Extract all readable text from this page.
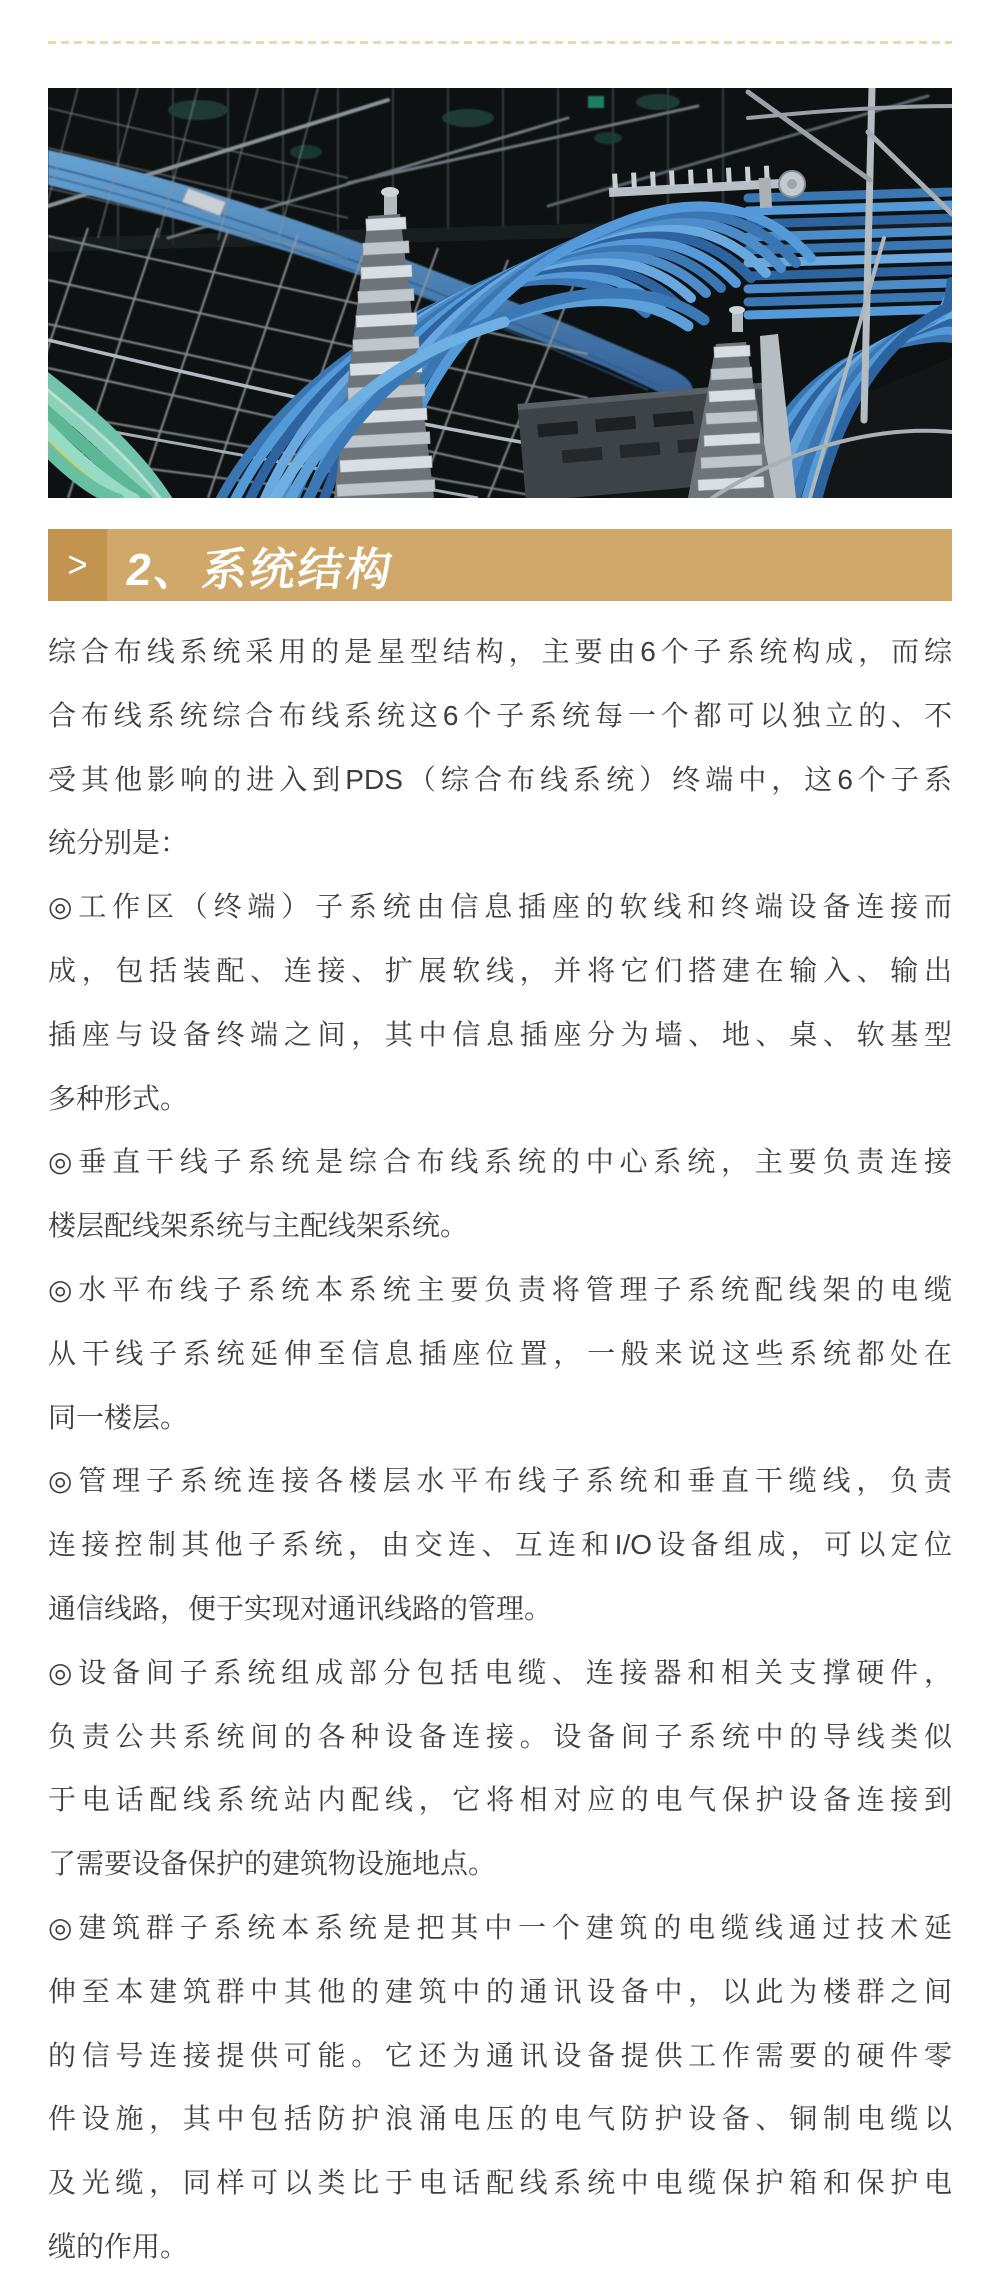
> 2、系统结构
综合布线系统采用的是星型结构，主要由6个子系统构成，而综
合布线系统综合布线系统这6个子系统每一个都可以独立的、不
受其他影响的进入到PDS（综合布线系统）终端中，这6个子系
统分别是：
◎工作区（终端）子系统由信息插座的软线和终端设备连接而
成，包括装配、连接、扩展软线，并将它们搭建在输入、输出
插座与设备终端之间，其中信息插座分为墙、地、桌、软基型
多种形式。
◎垂直干线子系统是综合布线系统的中心系统，主要负责连接
楼层配线架系统与主配线架系统。
◎水平布线子系统本系统主要负责将管理子系统配线架的电缆
从干线子系统延伸至信息插座位置，一般来说这些系统都处在
同一楼层。
◎管理子系统连接各楼层水平布线子系统和垂直干缆线，负责
连接控制其他子系统，由交连、互连和I/O设备组成，可以定位
通信线路，便于实现对通讯线路的管理。
◎设备间子系统组成部分包括电缆、连接器和相关支撑硬件，
负责公共系统间的各种设备连接。设备间子系统中的导线类似
于电话配线系统站内配线，它将相对应的电气保护设备连接到
了需要设备保护的建筑物设施地点。
◎建筑群子系统本系统是把其中一个建筑的电缆线通过技术延
伸至本建筑群中其他的建筑中的通讯设备中，以此为楼群之间
的信号连接提供可能。它还为通讯设备提供工作需要的硬件零
件设施，其中包括防护浪涌电压的电气防护设备、铜制电缆以
及光缆，同样可以类比于电话配线系统中电缆保护箱和保护电
缆的作用。
